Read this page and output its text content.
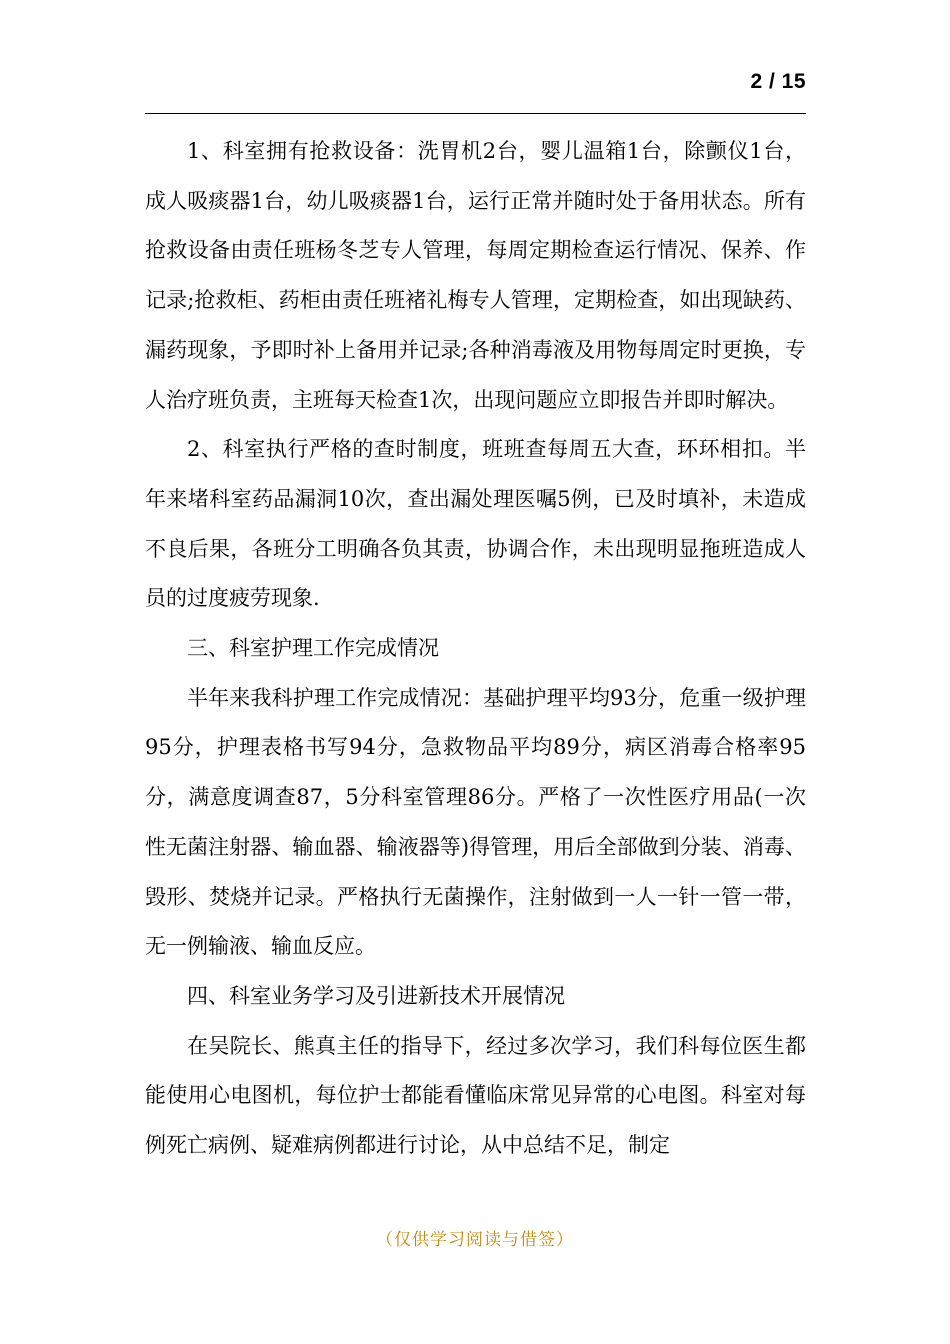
2 / 15

1、科室拥有抢救设备：洗胃机2台，婴儿温箱1台，除颤仪1台，成人吸痰器1台，幼儿吸痰器1台，运行正常并随时处于备用状态。所有抢救设备由责任班杨冬芝专人管理，每周定期检查运行情况、保养、作记录;抢救柜、药柜由责任班褚礼梅专人管理，定期检查，如出现缺药、漏药现象，予即时补上备用并记录;各种消毒液及用物每周定时更换，专人治疗班负责，主班每天检查1次，出现问题应立即报告并即时解决。

2、科室执行严格的查时制度，班班查每周五大查，环环相扣。半年来堵科室药品漏洞10次，查出漏处理医嘱5例，已及时填补，未造成不良后果，各班分工明确各负其责，协调合作，未出现明显拖班造成人员的过度疲劳现象.

三、科室护理工作完成情况

半年来我科护理工作完成情况：基础护理平均93分，危重一级护理95分，护理表格书写94分，急救物品平均89分，病区消毒合格率95分，满意度调查87，5分科室管理86分。严格了一次性医疗用品(一次性无菌注射器、输血器、输液器等)得管理，用后全部做到分装、消毒、毁形、焚烧并记录。严格执行无菌操作，注射做到一人一针一管一带，无一例输液、输血反应。

四、科室业务学习及引进新技术开展情况

在吴院长、熊真主任的指导下，经过多次学习，我们科每位医生都能使用心电图机，每位护士都能看懂临床常见异常的心电图。科室对每例死亡病例、疑难病例都进行讨论，从中总结不足，制定

（仅供学习阅读与借签）
